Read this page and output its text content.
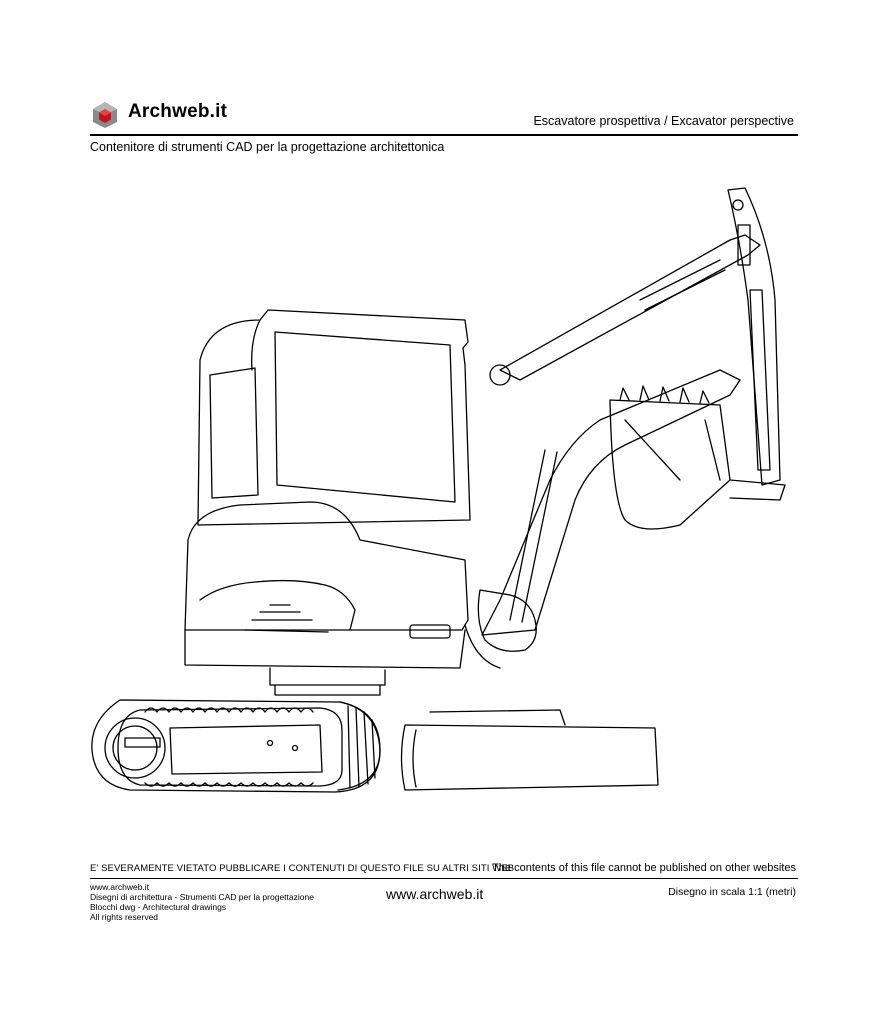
Archweb.it	Escavatore prospettiva / Excavator perspective
Contenitore di strumenti CAD per la progettazione architettonica
E' SEVERAMENTE VIETATO PUBBLICARE I CONTENUTI DI QUESTO FILE SU ALTRI SITI WEB
The contents of this file cannot be published on other websites
www.archweb.it
Disegni di architettura - Strumenti CAD per la progettazione
Blocchi dwg - Architectural drawings
All rights reserved
www.archweb.it	Disegno in scala 1:1 (metri)
